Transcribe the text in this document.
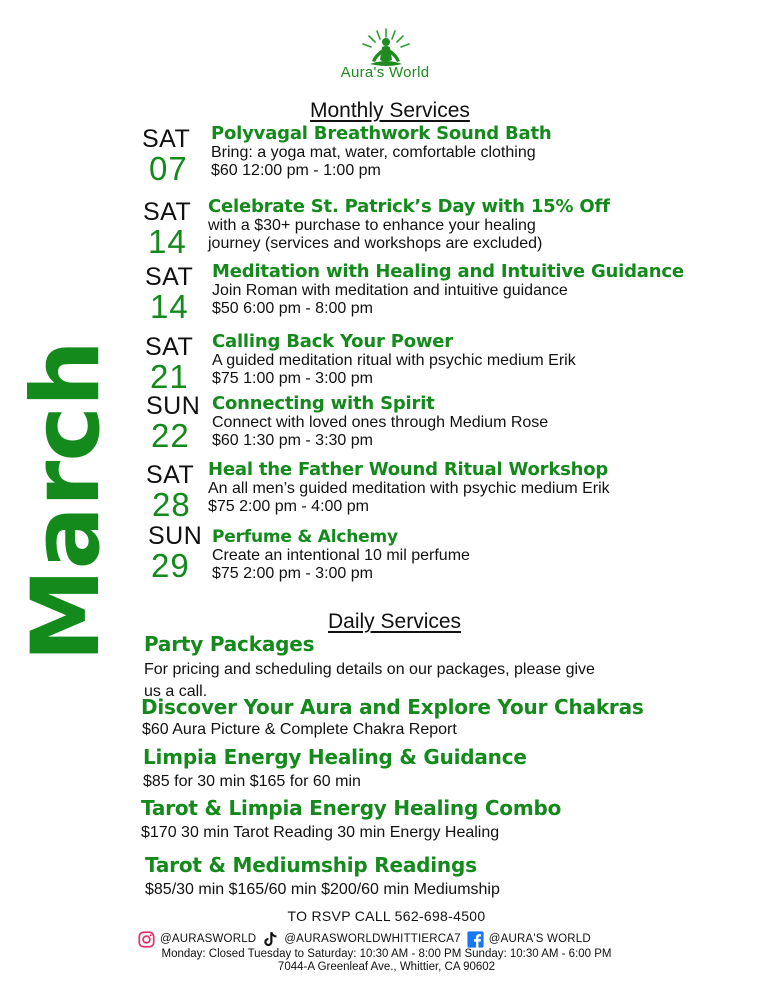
Aura's World
March
Monthly Services
SAT
07
Polyvagal Breathwork Sound Bath
Bring: a yoga mat, water, comfortable clothing
$60 12:00 pm - 1:00 pm
SAT
14
Celebrate St. Patrick’s Day with 15% Off
with a $30+ purchase to enhance your healing
journey (services and workshops are excluded)
SAT
14
Meditation with Healing and Intuitive Guidance
Join Roman with meditation and intuitive guidance
$50 6:00 pm - 8:00 pm
SAT
21
Calling Back Your Power
A guided meditation ritual with psychic medium Erik
$75 1:00 pm - 3:00 pm
SUN
22
Connecting with Spirit
Connect with loved ones through Medium Rose
$60 1:30 pm - 3:30 pm
SAT
28
Heal the Father Wound Ritual Workshop
An all men’s guided meditation with psychic medium Erik
$75 2:00 pm - 4:00 pm
SUN
29
Perfume & Alchemy
Create an intentional 10 mil perfume
$75 2:00 pm - 3:00 pm
Daily Services
Party Packages
For pricing and scheduling details on our packages, please give
us a call.
Discover Your Aura and Explore Your Chakras
$60 Aura Picture & Complete Chakra Report
Limpia Energy Healing & Guidance
$85 for 30 min $165 for 60 min
Tarot & Limpia Energy Healing Combo
$170 30 min Tarot Reading 30 min Energy Healing
Tarot & Mediumship Readings
$85/30 min $165/60 min $200/60 min Mediumship
TO RSVP CALL 562-698-4500
@AURASWORLD @AURASWORLDWHITTIERCA7 @AURA'S WORLD
Monday: Closed Tuesday to Saturday: 10:30 AM - 8:00 PM Sunday: 10:30 AM - 6:00 PM
7044-A Greenleaf Ave., Whittier, CA 90602
